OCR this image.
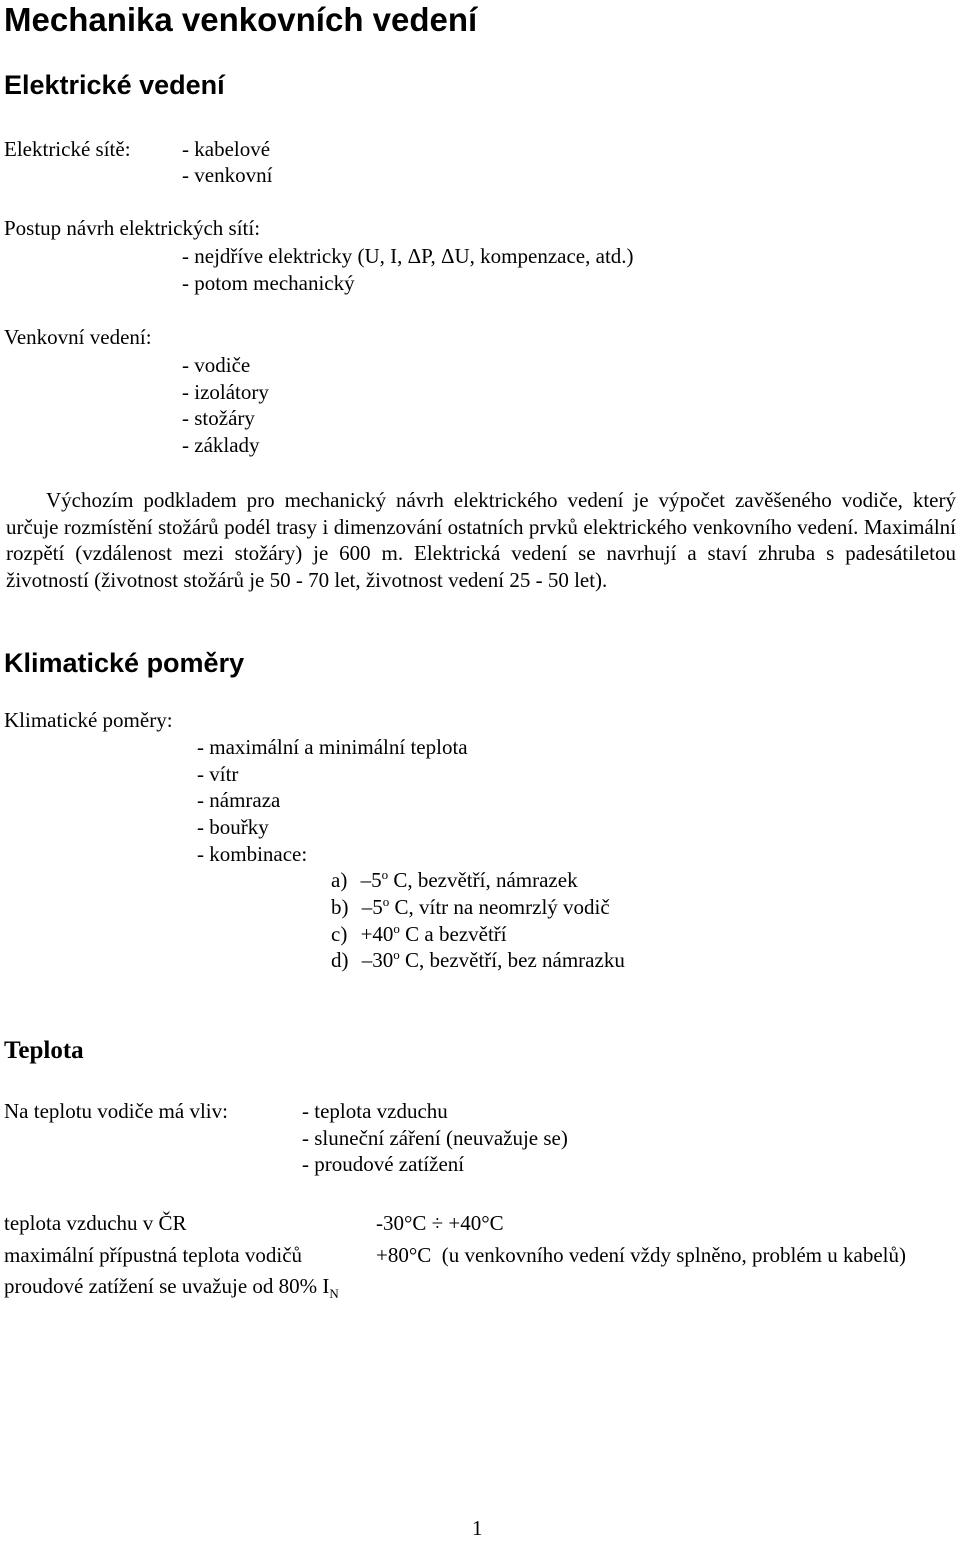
Mechanika venkovních vedení
Elektrické vedení
Elektrické sítě: - kabelové
- venkovní
Postup návrh elektrických sítí:
- nejdříve elektricky (U, I, ΔP, ΔU, kompenzace, atd.)
- potom mechanický
Venkovní vedení:
- vodiče
- izolátory
- stožáry
- základy
Výchozím podkladem pro mechanický návrh elektrického vedení je výpočet zavěšeného vodiče, který určuje rozmístění stožárů podél trasy i dimenzování ostatních prvků elektrického venkovního vedení. Maximální rozpětí (vzdálenost mezi stožáry) je 600 m. Elektrická vedení se navrhují a staví zhruba s padesátiletou životností (životnost stožárů je 50 - 70 let, životnost vedení 25 - 50 let).
Klimatické poměry
Klimatické poměry:
- maximální a minimální teplota
- vítr
- námraza
- bouřky
- kombinace:
a) –5$^o$ C, bezvětří, námrazek
b) –5$^o$ C, vítr na neomrzlý vodič
$c) +40^o$ C a bezvětří
d) –30$^o$ C, bezvětří, bez námrazku
Teplota
Na teplotu vodiče má vliv:	- teplota vzduchu
- sluneční záření (neuvažuje se)
- proudové zatížení
teplota vzduchu v ČR	-30°C ÷ +40°C
maximální přípustná teplota vodičů	+80°C  (u venkovního vedení vždy splněno, problém u kabelů)
proudové zatížení se uvažuje od 80% $I_N$
1
